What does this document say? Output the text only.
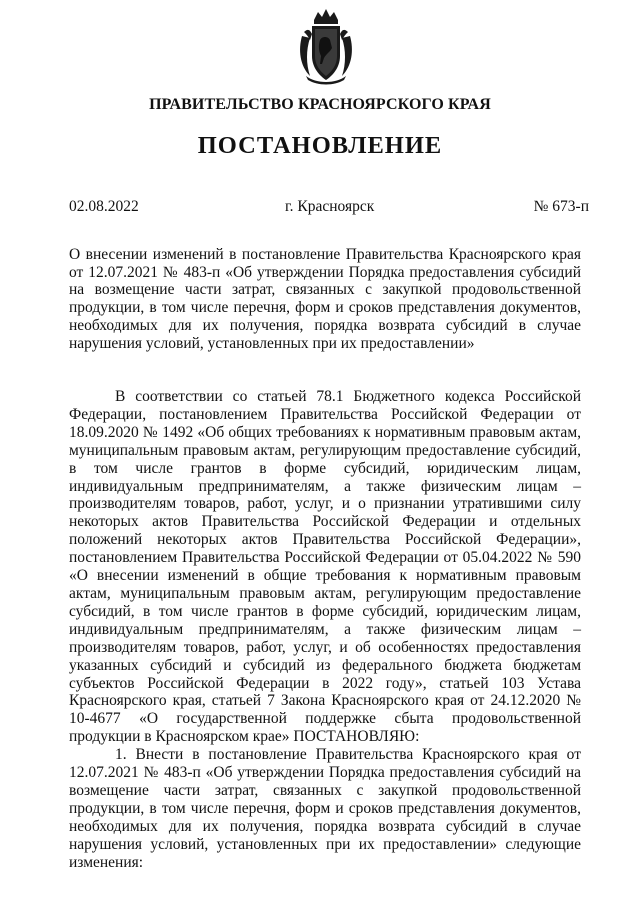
ПРАВИТЕЛЬСТВО КРАСНОЯРСКОГО КРАЯ
ПОСТАНОВЛЕНИЕ
02.08.2022	г. Красноярск	№ 673-п
О внесении изменений в постановление Правительства Красноярского края от 12.07.2021 № 483-п «Об утверждении Порядка предоставления субсидий на возмещение части затрат, связанных с закупкой продовольственной продукции, в том числе перечня, форм и сроков представления документов, необходимых для их получения, порядка возврата субсидий в случае нарушения условий, установленных при их предоставлении»

В соответствии со статьей 78.1 Бюджетного кодекса Российской Федерации, постановлением Правительства Российской Федерации от 18.09.2020 № 1492 «Об общих требованиях к нормативным правовым актам, муниципальным правовым актам, регулирующим предоставление субсидий, в том числе грантов в форме субсидий, юридическим лицам, индивидуальным предпринимателям, а также физическим лицам – производителям товаров, работ, услуг, и о признании утратившими силу некоторых актов Правительства Российской Федерации и отдельных положений некоторых актов Правительства Российской Федерации», постановлением Правительства Российской Федерации от 05.04.2022 № 590 «О внесении изменений в общие требования к нормативным правовым актам, муниципальным правовым актам, регулирующим предоставление субсидий, в том числе грантов в форме субсидий, юридическим лицам, индивидуальным предпринимателям, а также физическим лицам – производителям товаров, работ, услуг, и об особенностях предоставления указанных субсидий и субсидий из федерального бюджета бюджетам субъектов Российской Федерации в 2022 году», статьей 103 Устава Красноярского края, статьей 7 Закона Красноярского края от 24.12.2020 № 10-4677 «О государственной поддержке сбыта продовольственной продукции в Красноярском крае» ПОСТАНОВЛЯЮ:

1. Внести в постановление Правительства Красноярского края от 12.07.2021 № 483-п «Об утверждении Порядка предоставления субсидий на возмещение части затрат, связанных с закупкой продовольственной продукции, в том числе перечня, форм и сроков представления документов, необходимых для их получения, порядка возврата субсидий в случае нарушения условий, установленных при их предоставлении» следующие изменения:
